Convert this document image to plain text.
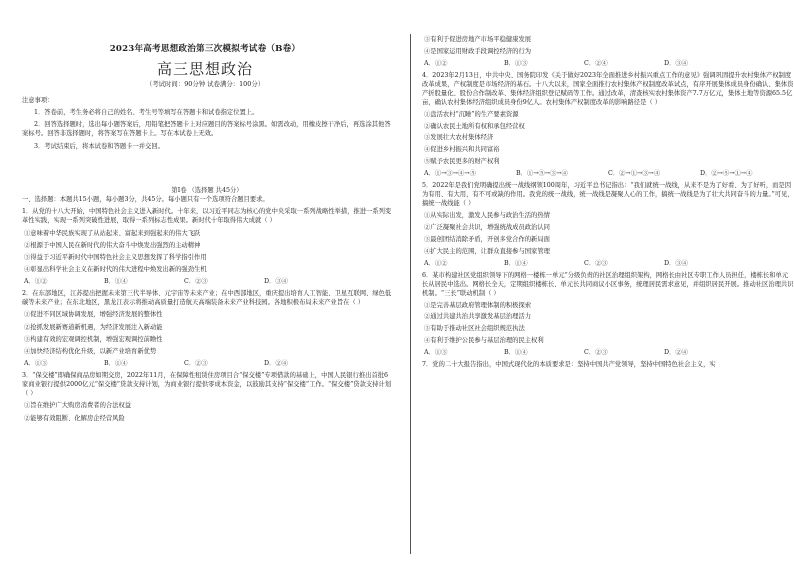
2023年高考思想政治第三次模拟考试卷（B卷）
高三思想政治
（考试时间：90分钟 试卷满分：100分）

注意事项：

1．答卷前，考生务必将自己的姓名、考生号等填写在答题卡和试卷指定位置上。

2．回答选择题时，选出每小题答案后，用铅笔把答题卡上对应题目的答案标号涂黑。如需改动，用橡皮擦干净后，再选涂其他答案标号。回答非选择题时，将答案写在答题卡上。写在本试卷上无效。

3．考试结束后，将本试卷和答题卡一并交回。

第Ⅰ卷 （选择题 共45分）

一、选择题：本题共15小题，每小题3分，共45分。每小题只有一个选项符合题目要求。

1．从党的十八大开始，中国特色社会主义进入新时代。十年来，以习近平同志为核心的党中央采取一系列战略性举措，推进一系列变革性实践，实现一系列突破性进展，取得一系列标志性成果。新时代十年取得伟大成就（ ）

①意味着中华民族实现了从站起来、富起来到强起来的伟大飞跃

②根源于中国人民在新时代的伟大奋斗中焕发出强烈的主动精神

③得益于习近平新时代中国特色社会主义思想发挥了科学指引作用

④彰显出科学社会主义在新时代的伟大进程中焕发出新的强劲生机

A．①②	B．①④	C．②③	D．③④

2．在东部地区，江苏提出把握未来第三代半导体、元宇宙等未来产业；在中西部地区，重庆提出培育人工智能、卫星互联网、绿色低碳等未来产业；在东北地区，黑龙江表示将推动高质量打造航天高端装备未来产业科技园。各地积极布局未来产业旨在（ ）

①促进不同区域协调发展，增强经济发展的整体性

②抢抓发展新赛道新机遇，为经济发展注入新动能

③构建有效的宏观调控机制，增强宏观调控前瞻性

④加快经济结构优化升级，以新产业培育新优势

A．①③	B．①④	C．②③	D．②④

3．“保交楼”即确保商品房如期交房，2022年11月，在保障性租赁住房项目合“保交楼”专项借款的基础上，中国人民银行推出首批6家商业银行提供2000亿元“保交楼”贷款支持计划，为商业银行提供零成本资金，以鼓励其支持“保交楼”工作。“保交楼”贷款支持计划（ ）

①旨在维护广大购房消费者的合法权益

②能够有效阻断、化解房企经营风险

③有利于促进房地产市场平稳健康发展

④是国家运用财政手段调控经济的行为

A．①②	B．①③	C．②④	D．③④

4．2023年2月13日，中共中央、国务院印发《关于做好2023年全面推进乡村振兴重点工作的意见》强调巩固提升农村集体产权制度改革成果，产权制度是市场经济的基石。十八大以来，国家全面推行农村集体产权制度改革试点，有序开展集体成员身份确认、集体资产折股量化、股份合作制改革、集体经济组织登记赋码等工作。通过改革，清查核实农村集体资产7.7万亿元，集体土地等资源65.5亿亩，确认农村集体经济组织成员身份9亿人。农村集体产权制度改革的影响路径是（ ）

①盘活农村“沉睡”的生产要素资源

②确认农民土地所有权和承包经营权

③发展壮大农村集体经济

④促进乡村振兴和共同富裕

⑤赋予农民更多的财产权利

A．①→③→④→⑤	B．①→⑤→③→④	C．②→①→③→④	D．②→⑤→①→④

5．2022年是我们党明确提出统一战线纲领100周年，习近平总书记指出：“我们就统一战线，从来不是为了好看、为了好听，而是因为有用、有大用，有不可或缺的作用。我党的统一战线，统一战线是凝聚人心的工作，搞统一战线是为了壮大共同奋斗的力量。”可见，搞统一战线能（ ）

①从实际出发，激发人民参与政治生活的热情

②广泛凝聚社会共识，增强统战成员政治认同

③最创团结消除矛盾，开创多党合作的新局面

④扩大民主的范围，让群众直接参与国家管理

A．①②	B．①④	C．②③	D．③④

6．某市构建社区党组织领导下的网格一楼栋一单元“分级负责的社区治理组织架构，网格长由社区专职工作人员担任，楼栋长和单元长从居民中选出。网格长全天，定期组织楼栋长、单元长共同商议小区事务，统理居民需求意见，并组织居民开展。推动社区治理共识机制。“三长”联动机制（ ）

①是完善基层政府管理体制的积极探索

②通过共建共治共享激发基层治理活力

③有助于推动社区社会组织规范执法

④有利于维护公民参与基层治理的民主权利

A．①③	B．①④	C．②③	D．②④

7．党的二十大报告指出，中国式现代化的本质要求是：坚持中国共产党领导，坚持中国特色社会主义，实
